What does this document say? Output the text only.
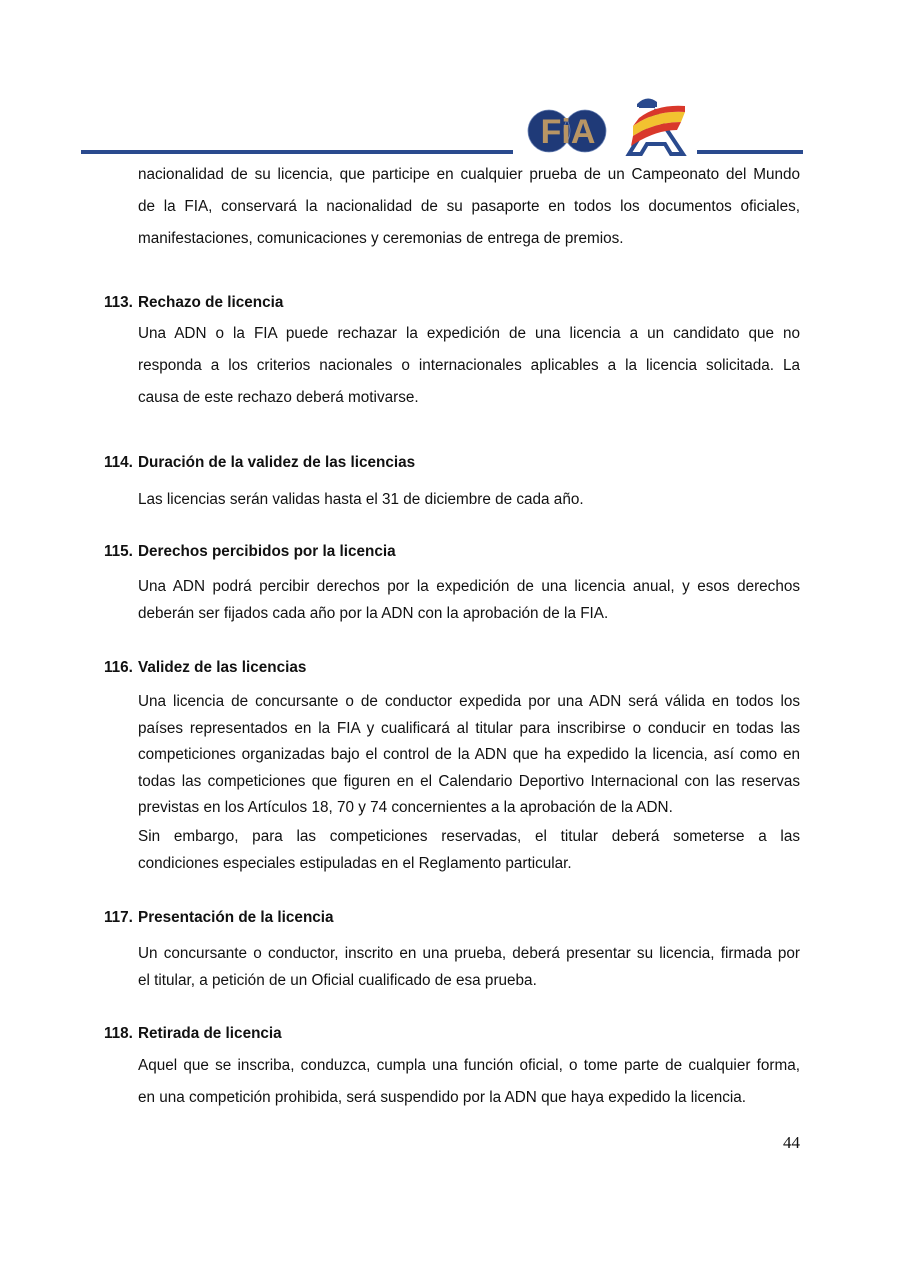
FiA
nacionalidad de su licencia, que participe en cualquier prueba de un Campeonato del Mundo
de la FIA, conservará la nacionalidad de su pasaporte en todos los documentos oficiales,
manifestaciones, comunicaciones y ceremonias de entrega de premios.
113. Rechazo de licencia
Una ADN o la FIA puede rechazar la expedición de una licencia a un candidato que no
responda a los criterios nacionales o internacionales aplicables a la licencia solicitada. La
causa de este rechazo deberá motivarse.
114. Duración de la validez de las licencias
Las licencias serán validas hasta el 31 de diciembre de cada año.
115. Derechos percibidos por la licencia
Una ADN podrá percibir derechos por la expedición de una licencia anual, y esos derechos
deberán ser fijados cada año por la ADN con la aprobación de la FIA.
116. Validez de las licencias
Una licencia de concursante o de conductor expedida por una ADN será válida en todos los
países representados en la FIA y cualificará al titular para inscribirse o conducir en todas las
competiciones organizadas bajo el control de la ADN que ha expedido la licencia, así como en
todas las competiciones que figuren en el Calendario Deportivo Internacional con las reservas
previstas en los Artículos 18, 70 y 74 concernientes a la aprobación de la ADN.
Sin embargo, para las competiciones reservadas, el titular deberá someterse a las
condiciones especiales estipuladas en el Reglamento particular.
117. Presentación de la licencia
Un concursante o conductor, inscrito en una prueba, deberá presentar su licencia, firmada por
el titular, a petición de un Oficial cualificado de esa prueba.
118. Retirada de licencia
Aquel que se inscriba, conduzca, cumpla una función oficial, o tome parte de cualquier forma,
en una competición prohibida, será suspendido por la ADN que haya expedido la licencia.
44
